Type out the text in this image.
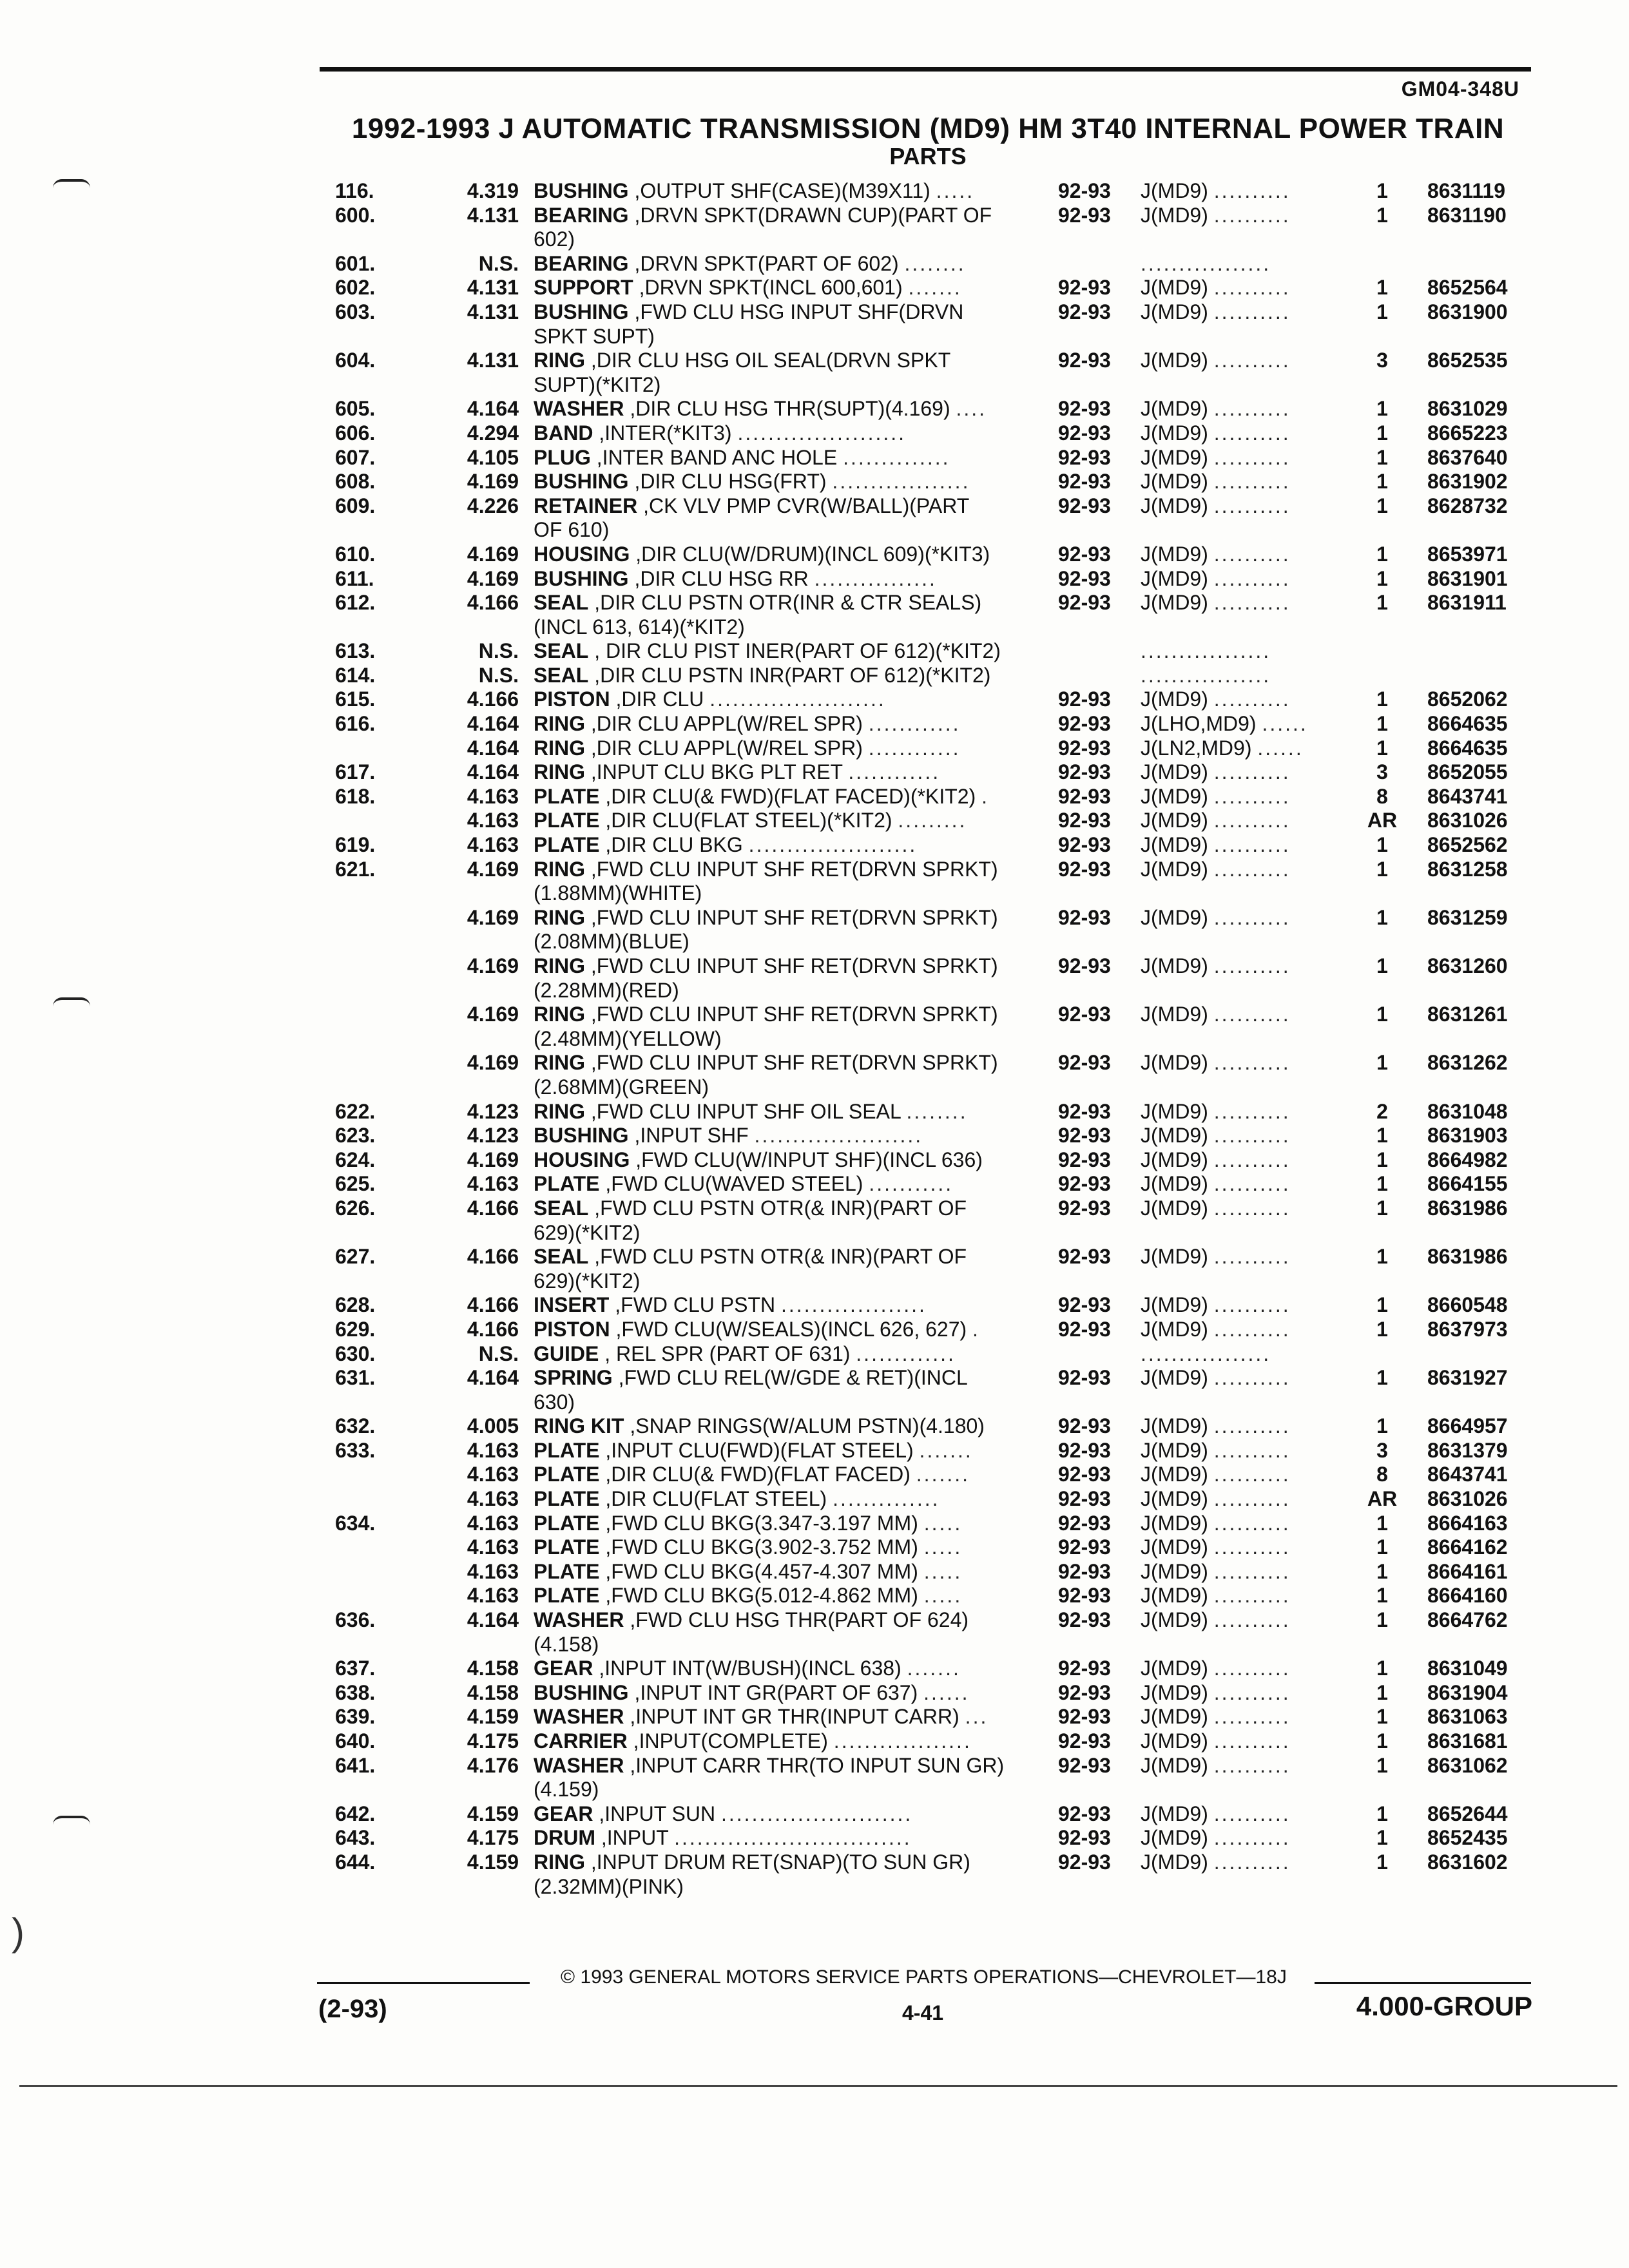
GM04-348U
1992-1993 J AUTOMATIC TRANSMISSION (MD9) HM 3T40 INTERNAL POWER TRAIN
PARTS
116.	4.319 BUSHING ,OUTPUT SHF(CASE)(M39X11) .....	92-93	J(MD9) ..........	1	8631119
600.	4.131 BEARING ,DRVN SPKT(DRAWN CUP)(PART OF	92-93	J(MD9) ..........	1	8631190
602)
601.	N.S. BEARING ,DRVN SPKT(PART OF 602) ........	.................
602.	4.131 SUPPORT ,DRVN SPKT(INCL 600,601) .......	92-93	J(MD9) ..........	1	8652564
603.	4.131 BUSHING ,FWD CLU HSG INPUT SHF(DRVN	92-93	J(MD9) ..........	1	8631900
SPKT SUPT)
604.	4.131 RING ,DIR CLU HSG OIL SEAL(DRVN SPKT	92-93	J(MD9) ..........	3	8652535
SUPT)(*KIT2)
605.	4.164 WASHER ,DIR CLU HSG THR(SUPT)(4.169) ....	92-93	J(MD9) ..........	1	8631029
606.	4.294 BAND ,INTER(*KIT3) ......................	92-93	J(MD9) ..........	1	8665223
607.	4.105 PLUG ,INTER BAND ANC HOLE ..............	92-93	J(MD9) ..........	1	8637640
608.	4.169 BUSHING ,DIR CLU HSG(FRT) ..................	92-93	J(MD9) ..........	1	8631902
609.	4.226 RETAINER ,CK VLV PMP CVR(W/BALL)(PART	92-93	J(MD9) ..........	1	8628732
OF 610)
610.	4.169 HOUSING ,DIR CLU(W/DRUM)(INCL 609)(*KIT3)	92-93	J(MD9) ..........	1	8653971
611.	4.169 BUSHING ,DIR CLU HSG RR ................	92-93	J(MD9) ..........	1	8631901
612.	4.166 SEAL ,DIR CLU PSTN OTR(INR & CTR SEALS)	92-93	J(MD9) ..........	1	8631911
(INCL 613, 614)(*KIT2)
613.	N.S. SEAL , DIR CLU PIST INER(PART OF 612)(*KIT2)	.................
614.	N.S. SEAL ,DIR CLU PSTN INR(PART OF 612)(*KIT2)	.................
615.	4.166 PISTON ,DIR CLU .......................	92-93	J(MD9) ..........	1	8652062
616.	4.164 RING ,DIR CLU APPL(W/REL SPR) ............	92-93	J(LHO,MD9) ......	1	8664635
4.164 RING ,DIR CLU APPL(W/REL SPR) ............	92-93	J(LN2,MD9) ......	1	8664635
617.	4.164 RING ,INPUT CLU BKG PLT RET ............	92-93	J(MD9) ..........	3	8652055
618.	4.163 PLATE ,DIR CLU(& FWD)(FLAT FACED)(*KIT2) .	92-93	J(MD9) ..........	8	8643741
4.163 PLATE ,DIR CLU(FLAT STEEL)(*KIT2) .........	92-93	J(MD9) ..........	AR	8631026
619.	4.163 PLATE ,DIR CLU BKG ......................	92-93	J(MD9) ..........	1	8652562
621.	4.169 RING ,FWD CLU INPUT SHF RET(DRVN SPRKT)	92-93	J(MD9) ..........	1	8631258
(1.88MM)(WHITE)
4.169 RING ,FWD CLU INPUT SHF RET(DRVN SPRKT)	92-93	J(MD9) ..........	1	8631259
(2.08MM)(BLUE)
4.169 RING ,FWD CLU INPUT SHF RET(DRVN SPRKT)	92-93	J(MD9) ..........	1	8631260
(2.28MM)(RED)
4.169 RING ,FWD CLU INPUT SHF RET(DRVN SPRKT)	92-93	J(MD9) ..........	1	8631261
(2.48MM)(YELLOW)
4.169 RING ,FWD CLU INPUT SHF RET(DRVN SPRKT)	92-93	J(MD9) ..........	1	8631262
(2.68MM)(GREEN)
622.	4.123 RING ,FWD CLU INPUT SHF OIL SEAL ........	92-93	J(MD9) ..........	2	8631048
623.	4.123 BUSHING ,INPUT SHF ......................	92-93	J(MD9) ..........	1	8631903
624.	4.169 HOUSING ,FWD CLU(W/INPUT SHF)(INCL 636)	92-93	J(MD9) ..........	1	8664982
625.	4.163 PLATE ,FWD CLU(WAVED STEEL) ...........	92-93	J(MD9) ..........	1	8664155
626.	4.166 SEAL ,FWD CLU PSTN OTR(& INR)(PART OF	92-93	J(MD9) ..........	1	8631986
629)(*KIT2)
627.	4.166 SEAL ,FWD CLU PSTN OTR(& INR)(PART OF	92-93	J(MD9) ..........	1	8631986
629)(*KIT2)
628.	4.166 INSERT ,FWD CLU PSTN ...................	92-93	J(MD9) ..........	1	8660548
629.	4.166 PISTON ,FWD CLU(W/SEALS)(INCL 626, 627) .	92-93	J(MD9) ..........	1	8637973
630.	N.S. GUIDE , REL SPR (PART OF 631) .............	.................
631.	4.164 SPRING ,FWD CLU REL(W/GDE & RET)(INCL	92-93	J(MD9) ..........	1	8631927
630)
632.	4.005 RING KIT ,SNAP RINGS(W/ALUM PSTN)(4.180)	92-93	J(MD9) ..........	1	8664957
633.	4.163 PLATE ,INPUT CLU(FWD)(FLAT STEEL) .......	92-93	J(MD9) ..........	3	8631379
4.163 PLATE ,DIR CLU(& FWD)(FLAT FACED) .......	92-93	J(MD9) ..........	8	8643741
4.163 PLATE ,DIR CLU(FLAT STEEL) ..............	92-93	J(MD9) ..........	AR	8631026
634.	4.163 PLATE ,FWD CLU BKG(3.347-3.197 MM) .....	92-93	J(MD9) ..........	1	8664163
4.163 PLATE ,FWD CLU BKG(3.902-3.752 MM) .....	92-93	J(MD9) ..........	1	8664162
4.163 PLATE ,FWD CLU BKG(4.457-4.307 MM) .....	92-93	J(MD9) ..........	1	8664161
4.163 PLATE ,FWD CLU BKG(5.012-4.862 MM) .....	92-93	J(MD9) ..........	1	8664160
636.	4.164 WASHER ,FWD CLU HSG THR(PART OF 624)	92-93	J(MD9) ..........	1	8664762
(4.158)
637.	4.158 GEAR ,INPUT INT(W/BUSH)(INCL 638) .......	92-93	J(MD9) ..........	1	8631049
638.	4.158 BUSHING ,INPUT INT GR(PART OF 637) ......	92-93	J(MD9) ..........	1	8631904
639.	4.159 WASHER ,INPUT INT GR THR(INPUT CARR) ...	92-93	J(MD9) ..........	1	8631063
640.	4.175 CARRIER ,INPUT(COMPLETE) ..................	92-93	J(MD9) ..........	1	8631681
641.	4.176 WASHER ,INPUT CARR THR(TO INPUT SUN GR)	92-93	J(MD9) ..........	1	8631062
(4.159)
642.	4.159 GEAR ,INPUT SUN .........................	92-93	J(MD9) ..........	1	8652644
643.	4.175 DRUM ,INPUT ...............................	92-93	J(MD9) ..........	1	8652435
644.	4.159 RING ,INPUT DRUM RET(SNAP)(TO SUN GR)	92-93	J(MD9) ..........	1	8631602
(2.32MM)(PINK)
© 1993 GENERAL MOTORS SERVICE PARTS OPERATIONS—CHEVROLET—18J
(2-93)	4-41	4.000-GROUP
)
